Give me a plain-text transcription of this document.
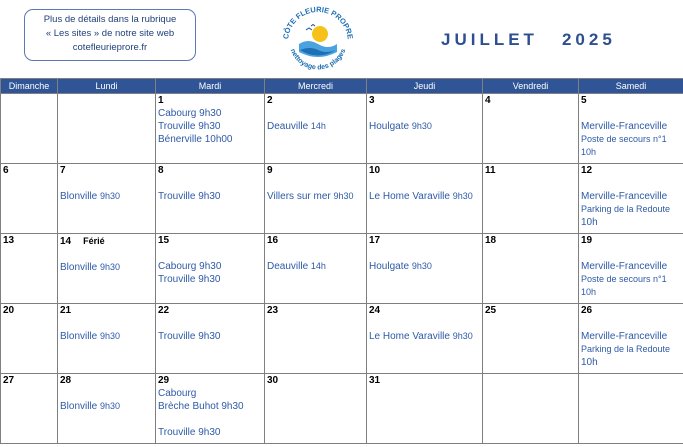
Plus de détails dans la rubrique
« Les sites » de notre site web
cotefleurieprore.fr
CÔTE FLEURIE PROPRE
nettoyage des plages
JUILLET 2025
Dimanche	Lundi	Mardi	Mercredi	Jeudi	Vendredi	Samedi

		1
Cabourg 9h30
Trouville 9h30
Bénerville 10h00	2
Deauville 14h	3
Houlgate 9h30	4	5
Merville-Franceville
Poste de secours n°1
10h

6	7
Blonville 9h30	8
Trouville 9h30	9
Villers sur mer 9h30	10
Le Home Varaville 9h30	11	12
Merville-Franceville
Parking de la Redoute
10h

13	14 Férié
Blonville 9h30	15
Cabourg 9h30
Trouville 9h30	16
Deauville 14h	17
Houlgate 9h30	18	19
Merville-Franceville
Poste de secours n°1
10h

20	21
Blonville 9h30	22
Trouville 9h30	23	24
Le Home Varaville 9h30	25	26
Merville-Franceville
Parking de la Redoute
10h

27	28
Blonville 9h30	29
Cabourg
Brèche Buhot 9h30
Trouville 9h30	30	31		
